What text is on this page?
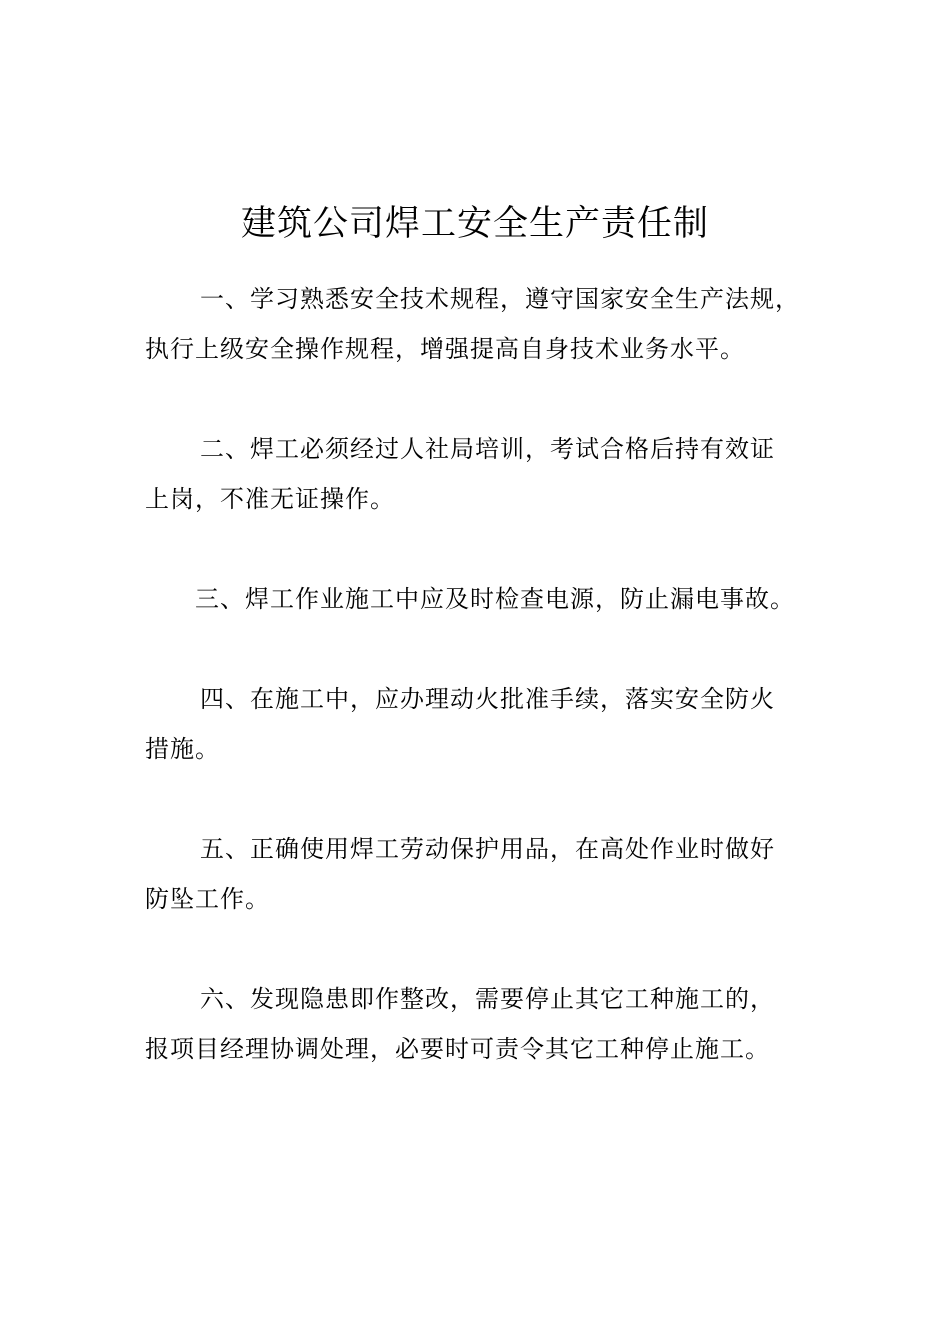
建筑公司焊工安全生产责任制
一、学习熟悉安全技术规程，遵守国家安全生产法规，
执行上级安全操作规程，增强提高自身技术业务水平。
二、焊工必须经过人社局培训，考试合格后持有效证
上岗，不准无证操作。
三、焊工作业施工中应及时检查电源，防止漏电事故。
四、在施工中，应办理动火批准手续，落实安全防火
措施。
五、正确使用焊工劳动保护用品，在高处作业时做好
防坠工作。
六、发现隐患即作整改，需要停止其它工种施工的，
报项目经理协调处理，必要时可责令其它工种停止施工。
